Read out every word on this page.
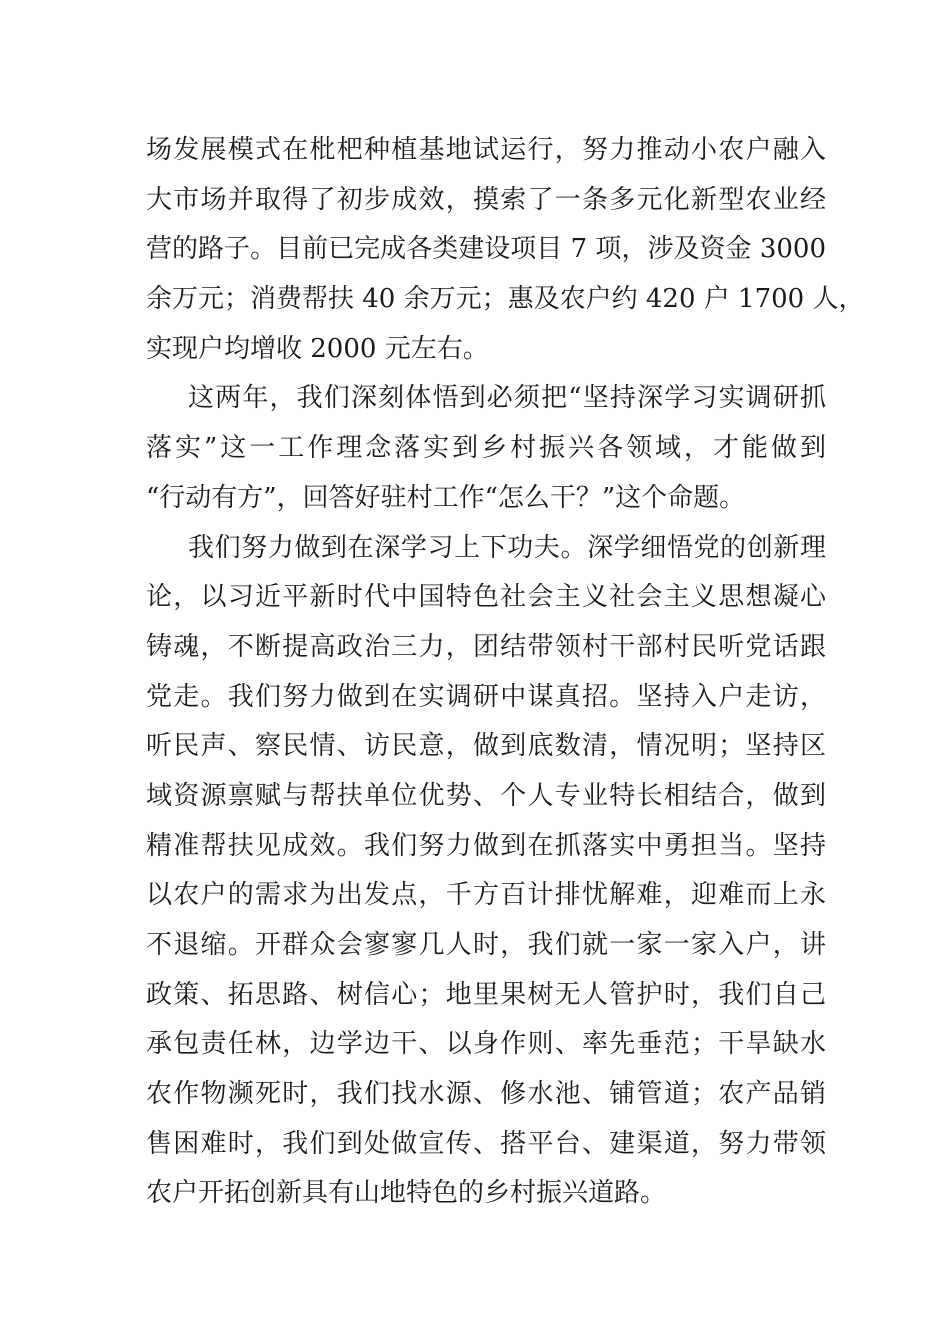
场发展模式在枇杷种植基地试运行，努力推动小农户融入
大市场并取得了初步成效，摸索了一条多元化新型农业经
营的路子。目前已完成各类建设项目 7 项，涉及资金 3000
余万元；消费帮扶 40 余万元；惠及农户约 420 户 1700 人，
实现户均增收 2000 元左右。
这两年，我们深刻体悟到必须把“坚持深学习实调研抓
落实”这一工作理念落实到乡村振兴各领域，才能做到
“行动有方”，回答好驻村工作“怎么干？”这个命题。
我们努力做到在深学习上下功夫。深学细悟党的创新理
论，以习近平新时代中国特色社会主义社会主义思想凝心
铸魂，不断提高政治三力，团结带领村干部村民听党话跟
党走。我们努力做到在实调研中谋真招。坚持入户走访，
听民声、察民情、访民意，做到底数清，情况明；坚持区
域资源禀赋与帮扶单位优势、个人专业特长相结合，做到
精准帮扶见成效。我们努力做到在抓落实中勇担当。坚持
以农户的需求为出发点，千方百计排忧解难，迎难而上永
不退缩。开群众会寥寥几人时，我们就一家一家入户，讲
政策、拓思路、树信心；地里果树无人管护时，我们自己
承包责任林，边学边干、以身作则、率先垂范；干旱缺水
农作物濒死时，我们找水源、修水池、铺管道；农产品销
售困难时，我们到处做宣传、搭平台、建渠道，努力带领
农户开拓创新具有山地特色的乡村振兴道路。
